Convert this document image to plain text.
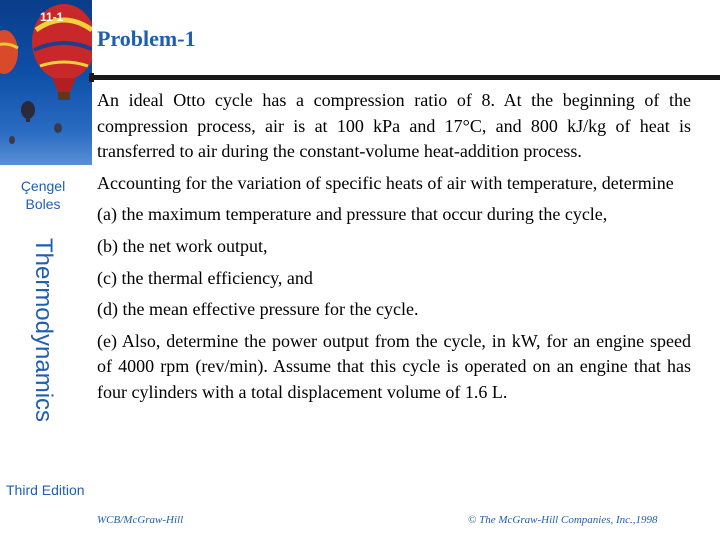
11-1
Çengel
Boles
Thermodynamics
Third Edition
Problem-1

An ideal Otto cycle has a compression ratio of 8. At the beginning of the compression process, air is at 100 kPa and 17°C, and 800 kJ/kg of heat is transferred to air during the constant-volume heat-addition process.

Accounting for the variation of specific heats of air with temperature, determine

(a) the maximum temperature and pressure that occur during the cycle,

(b) the net work output,

(c) the thermal efficiency, and

(d) the mean effective pressure for the cycle.

(e) Also, determine the power output from the cycle, in kW, for an engine speed of 4000 rpm (rev/min). Assume that this cycle is operated on an engine that has four cylinders with a total displacement volume of 1.6 L.

WCB/McGraw-Hill	© The McGraw-Hill Companies, Inc.,1998
